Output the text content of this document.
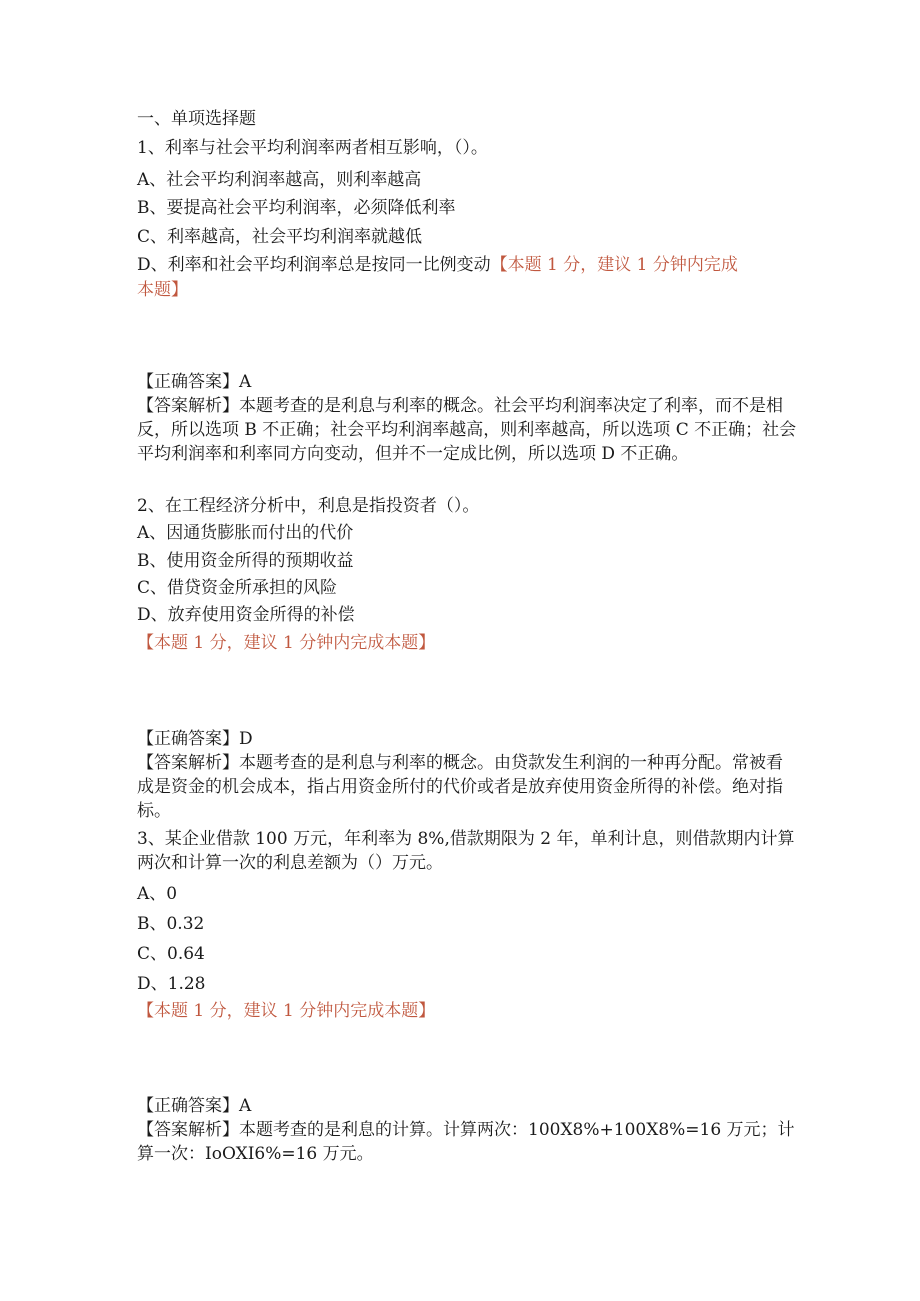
一、单项选择题
1、利率与社会平均利润率两者相互影响，（）。
A、社会平均利润率越高，则利率越高
B、要提高社会平均利润率，必须降低利率
C、利率越高，社会平均利润率就越低
D、利率和社会平均利润率总是按同一比例变动【本题 1 分，建议 1 分钟内完成
本题】
【正确答案】A
【答案解析】本题考查的是利息与利率的概念。社会平均利润率决定了利率，而不是相反，所以选项 B 不正确；社会平均利润率越高，则利率越高，所以选项 C 不正确；社会平均利润率和利率同方向变动，但并不一定成比例，所以选项 D 不正确。
2、在工程经济分析中，利息是指投资者（）。
A、因通货膨胀而付出的代价
B、使用资金所得的预期收益
C、借贷资金所承担的风险
D、放弃使用资金所得的补偿
【本题 1 分，建议 1 分钟内完成本题】
【正确答案】D
【答案解析】本题考查的是利息与利率的概念。由贷款发生利润的一种再分配。常被看成是资金的机会成本，指占用资金所付的代价或者是放弃使用资金所得的补偿。绝对指标。
3、某企业借款 100 万元，年利率为 8%,借款期限为 2 年，单利计息，则借款期内计算两次和计算一次的利息差额为（）万元。
A、0
B、0.32
C、0.64
D、1.28
【本题 1 分，建议 1 分钟内完成本题】
【正确答案】A
【答案解析】本题考查的是利息的计算。计算两次：100X8%+100X8%=16 万元；计算一次：IoOXI6%=16 万元。
